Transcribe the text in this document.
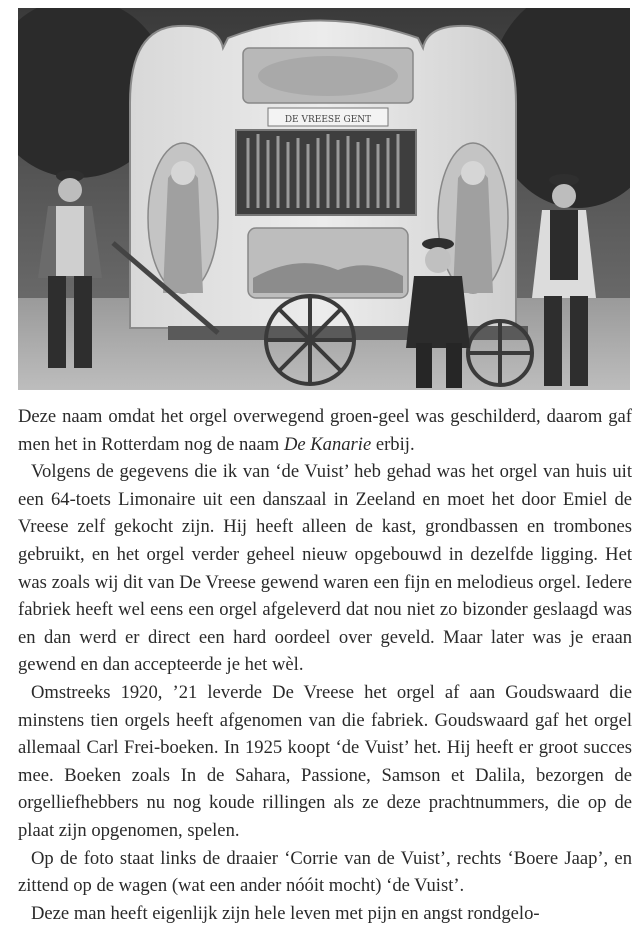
DE VREESE GENT

Deze naam omdat het orgel overwegend groen-geel was geschilderd, daarom gaf men het in Rotterdam nog de naam De Kanarie erbij.

Volgens de gegevens die ik van ‘de Vuist’ heb gehad was het orgel van huis uit een 64-toets Limonaire uit een danszaal in Zeeland en moet het door Emiel de Vreese zelf gekocht zijn. Hij heeft alleen de kast, grondbassen en trombones gebruikt, en het orgel verder geheel nieuw opgebouwd in dezelfde ligging. Het was zoals wij dit van De Vreese gewend waren een fijn en melodieus orgel. Iedere fabriek heeft wel eens een orgel afgeleverd dat nou niet zo bizonder geslaagd was en dan werd er direct een hard oordeel over geveld. Maar later was je eraan gewend en dan accepteerde je het wèl.

Omstreeks 1920, ’21 leverde De Vreese het orgel af aan Goudswaard die minstens tien orgels heeft afgenomen van die fabriek. Goudswaard gaf het orgel allemaal Carl Frei-boeken. In 1925 koopt ‘de Vuist’ het. Hij heeft er groot succes mee. Boeken zoals In de Sahara, Passione, Samson et Dalila, bezorgen de orgelliefhebbers nu nog koude rillingen als ze deze prachtnummers, die op de plaat zijn opgenomen, spelen.

Op de foto staat links de draaier ‘Corrie van de Vuist’, rechts ‘Boere Jaap’, en zittend op de wagen (wat een ander nóóit mocht) ‘de Vuist’.

Deze man heeft eigenlijk zijn hele leven met pijn en angst rondgelo-
